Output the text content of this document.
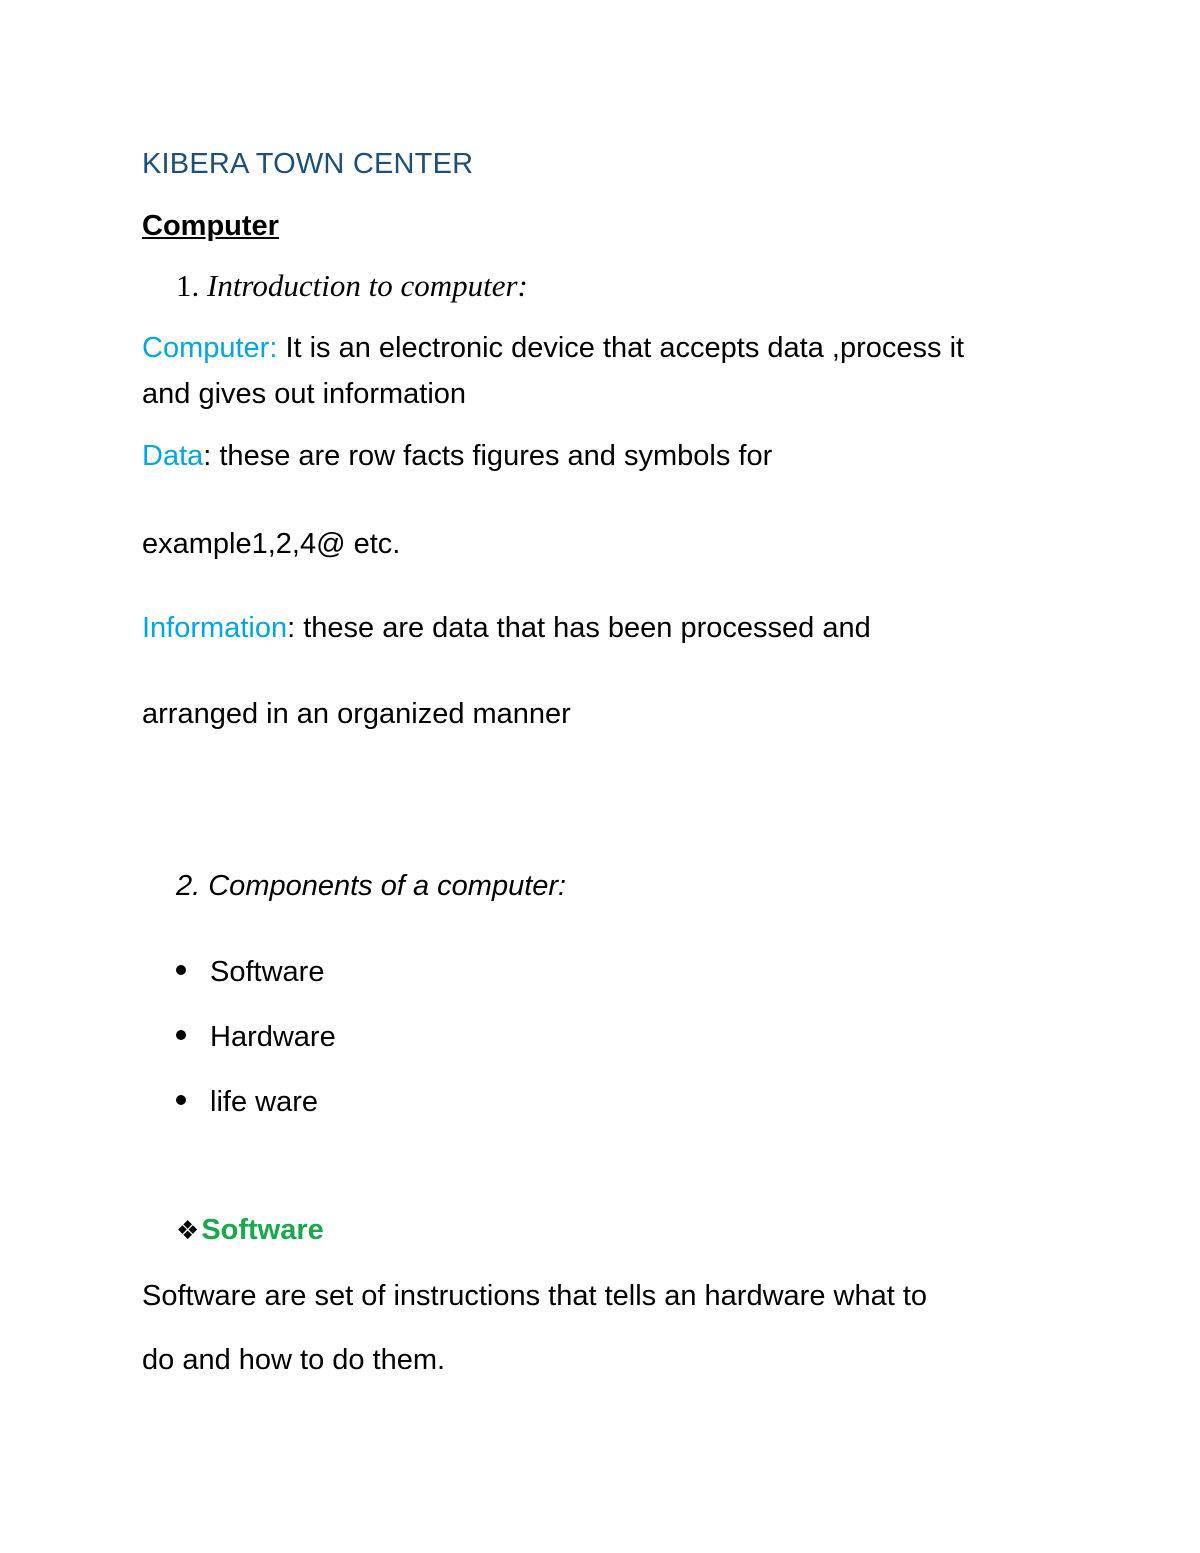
KIBERA TOWN CENTER
Computer
1. Introduction to computer:
Computer: It is an electronic device that accepts data ,process it
and gives out information
Data: these are row facts figures and symbols for
example1,2,4@ etc.
Information: these are data that has been processed and
arranged in an organized manner
2. Components of a computer:
Software
Hardware
life ware
❖Software
Software are set of instructions that tells an hardware what to
do and how to do them.
